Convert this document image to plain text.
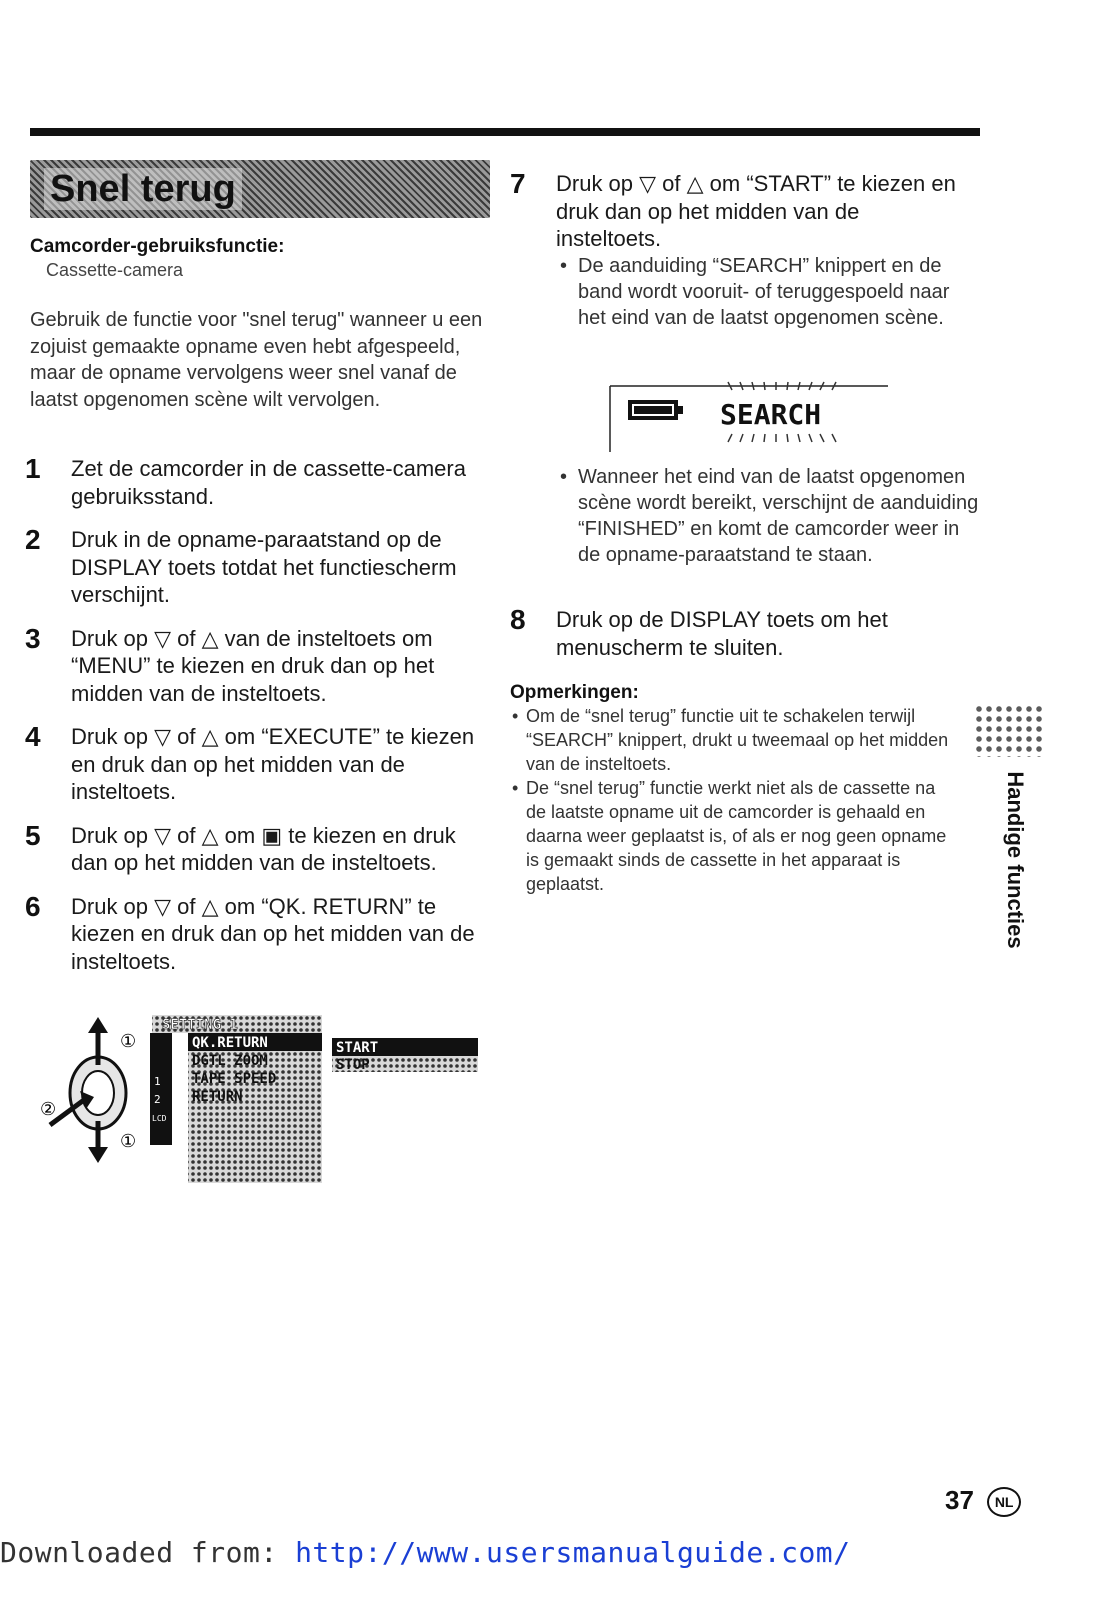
Snel terug
Camcorder-gebruiksfunctie:
Cassette-camera
Gebruik de functie voor "snel terug" wanneer u een zojuist gemaakte opname even hebt afgespeeld, maar de opname vervolgens weer snel vanaf de laatst opgenomen scène wilt vervolgen.
1 Zet de camcorder in de cassette-camera gebruiksstand.
2 Druk in de opname-paraatstand op de DISPLAY toets totdat het functiescherm verschijnt.
3 Druk op ▽ of △ van de insteltoets om “MENU” te kiezen en druk dan op het midden van de insteltoets.
4 Druk op ▽ of △ om “EXECUTE” te kiezen en druk dan op het midden van de insteltoets.
5 Druk op ▽ of △ om ▣ te kiezen en druk dan op het midden van de insteltoets.
6 Druk op ▽ of △ om “QK. RETURN” te kiezen en druk dan op het midden van de insteltoets.
①
②
①
1
2
LCD
SETTING 1
QK.RETURN
DGTL ZOOM
TAPE SPEED
RETURN
START
STOP
7 Druk op ▽ of △ om “START” te kiezen en druk dan op het midden van de insteltoets.
• De aanduiding “SEARCH” knippert en de band wordt vooruit- of teruggespoeld naar het eind van de laatst opgenomen scène.
SEARCH
• Wanneer het eind van de laatst opgenomen scène wordt bereikt, verschijnt de aanduiding “FINISHED” en komt de camcorder weer in de opname-paraatstand te staan.
8 Druk op de DISPLAY toets om het menuscherm te sluiten.
Opmerkingen:
• Om de “snel terug” functie uit te schakelen terwijl “SEARCH” knippert, drukt u tweemaal op het midden van de insteltoets.
• De “snel terug” functie werkt niet als de cassette na de laatste opname uit de camcorder is gehaald en daarna weer geplaatst is, of als er nog geen opname is gemaakt sinds de cassette in het apparaat is geplaatst.	Handige functies
37 NL
Downloaded from: http://www.usersmanualguide.com/
